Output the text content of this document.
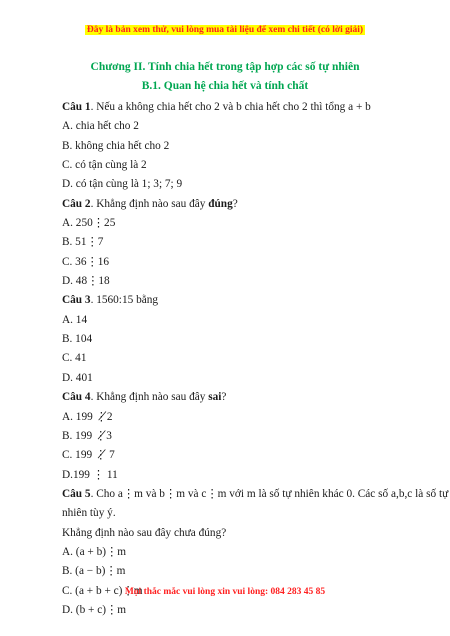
Đây là bản xem thử, vui lòng mua tài liệu để xem chi tiết (có lời giải)
Chương II. Tính chia hết trong tập hợp các số tự nhiên
B.1. Quan hệ chia hết và tính chất
Câu 1. Nếu a không chia hết cho 2 và b chia hết cho 2 thì tổng a + b
A. chia hết cho 2
B. không chia hết cho 2
C. có tận cùng là 2
D. có tận cùng là 1; 3; 7; 9
Câu 2. Khẳng định nào sau đây đúng?
A. 250⋮25
B. 51⋮7
C. 36⋮16
D. 48⋮18
Câu 3. 1560:15 bằng
A. 14
B. 104
C. 41
D. 401
Câu 4. Khẳng định nào sau đây sai?
A. 199 ⋮̸2
B. 199 ⋮̸3
C. 199 ⋮̸ 7
D.199 ⋮ 11
Câu 5. Cho a⋮m và b⋮m và c⋮m với m là số tự nhiên khác 0. Các số a,b,c là số tự
nhiên tùy ý.
Khẳng định nào sau đây chưa đúng?
A. (a + b)⋮m
B. (a − b)⋮m
C. (a + b + c)⋮m
D. (b + c)⋮m
Mọi thắc mắc vui lòng xin vui lòng: 084 283 45 85
